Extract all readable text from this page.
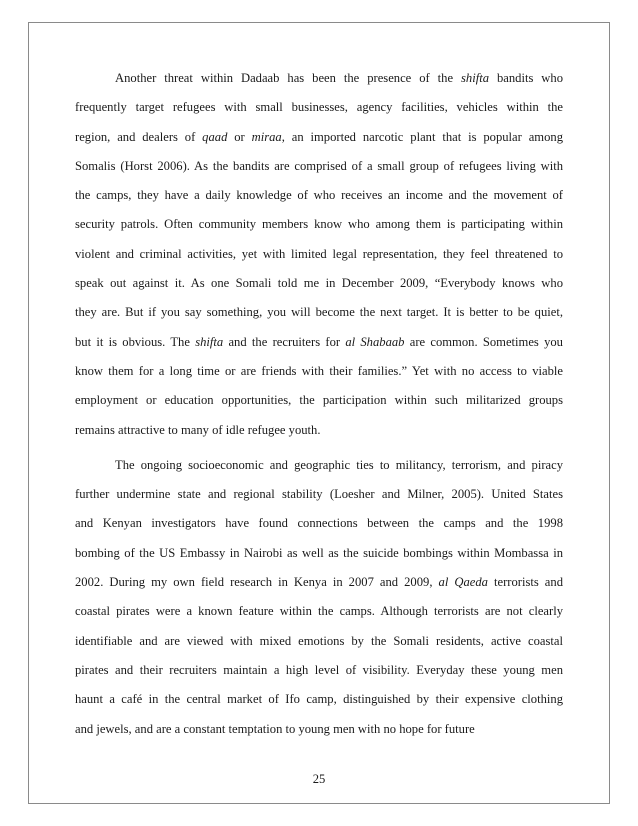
Another threat within Dadaab has been the presence of the shifta bandits who
frequently target refugees with small businesses, agency facilities, vehicles within the
region, and dealers of qaad or miraa, an imported narcotic plant that is popular among
Somalis (Horst 2006). As the bandits are comprised of a small group of refugees living with
the camps, they have a daily knowledge of who receives an income and the movement of
security patrols. Often community members know who among them is participating within
violent and criminal activities, yet with limited legal representation, they feel threatened to
speak out against it. As one Somali told me in December 2009, “Everybody knows who
they are. But if you say something, you will become the next target. It is better to be quiet,
but it is obvious. The shifta and the recruiters for al Shabaab are common. Sometimes you
know them for a long time or are friends with their families.” Yet with no access to viable
employment or education opportunities, the participation within such militarized groups
remains attractive to many of idle refugee youth.

The ongoing socioeconomic and geographic ties to militancy, terrorism, and piracy
further undermine state and regional stability (Loesher and Milner, 2005). United States
and Kenyan investigators have found connections between the camps and the 1998
bombing of the US Embassy in Nairobi as well as the suicide bombings within Mombassa in
2002. During my own field research in Kenya in 2007 and 2009, al Qaeda terrorists and
coastal pirates were a known feature within the camps. Although terrorists are not clearly
identifiable and are viewed with mixed emotions by the Somali residents, active coastal
pirates and their recruiters maintain a high level of visibility. Everyday these young men
haunt a café in the central market of Ifo camp, distinguished by their expensive clothing
and jewels, and are a constant temptation to young men with no hope for future

25
